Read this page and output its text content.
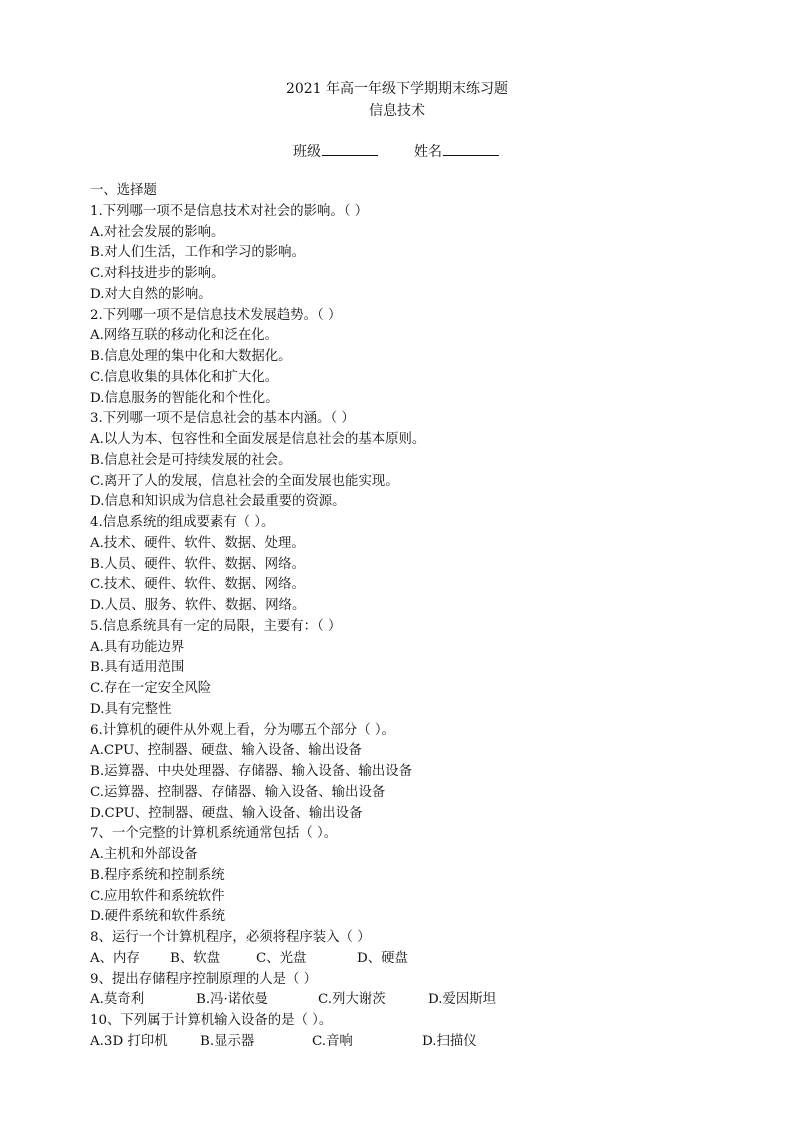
2021 年高一年级下学期期末练习题
信息技术
班级	姓名
一、选择题
1.下列哪一项不是信息技术对社会的影响。（ ）
A.对社会发展的影响。
B.对人们生活，工作和学习的影响。
C.对科技进步的影响。
D.对大自然的影响。
2.下列哪一项不是信息技术发展趋势。（ ）
A.网络互联的移动化和泛在化。
B.信息处理的集中化和大数据化。
C.信息收集的具体化和扩大化。
D.信息服务的智能化和个性化。
3.下列哪一项不是信息社会的基本内涵。（ ）
A.以人为本、包容性和全面发展是信息社会的基本原则。
B.信息社会是可持续发展的社会。
C.离开了人的发展，信息社会的全面发展也能实现。
D.信息和知识成为信息社会最重要的资源。
4.信息系统的组成要素有（ ）。
A.技术、硬件、软件、数据、处理。
B.人员、硬件、软件、数据、网络。
C.技术、硬件、软件、数据、网络。
D.人员、服务、软件、数据、网络。
5.信息系统具有一定的局限，主要有：（ ）
A.具有功能边界
B.具有适用范围
C.存在一定安全风险
D.具有完整性
6.计算机的硬件从外观上看，分为哪五个部分（ ）。
A.CPU、控制器、硬盘、输入设备、输出设备
B.运算器、中央处理器、存储器、输入设备、输出设备
C.运算器、控制器、存储器、输入设备、输出设备
D.CPU、控制器、硬盘、输入设备、输出设备
7、一个完整的计算机系统通常包括（ ）。
A.主机和外部设备
B.程序系统和控制系统
C.应用软件和系统软件
D.硬件系统和软件系统
8、运行一个计算机程序，必须将程序装入（ ）
A、内存	B、软盘	C、光盘	D、硬盘
9、提出存储程序控制原理的人是（ ）
A.莫奇利	B.冯·诺依曼	C.列大谢茨	D.爱因斯坦
10、下列属于计算机输入设备的是（ ）。
A.3D 打印机	B.显示器	C.音响	D.扫描仪
